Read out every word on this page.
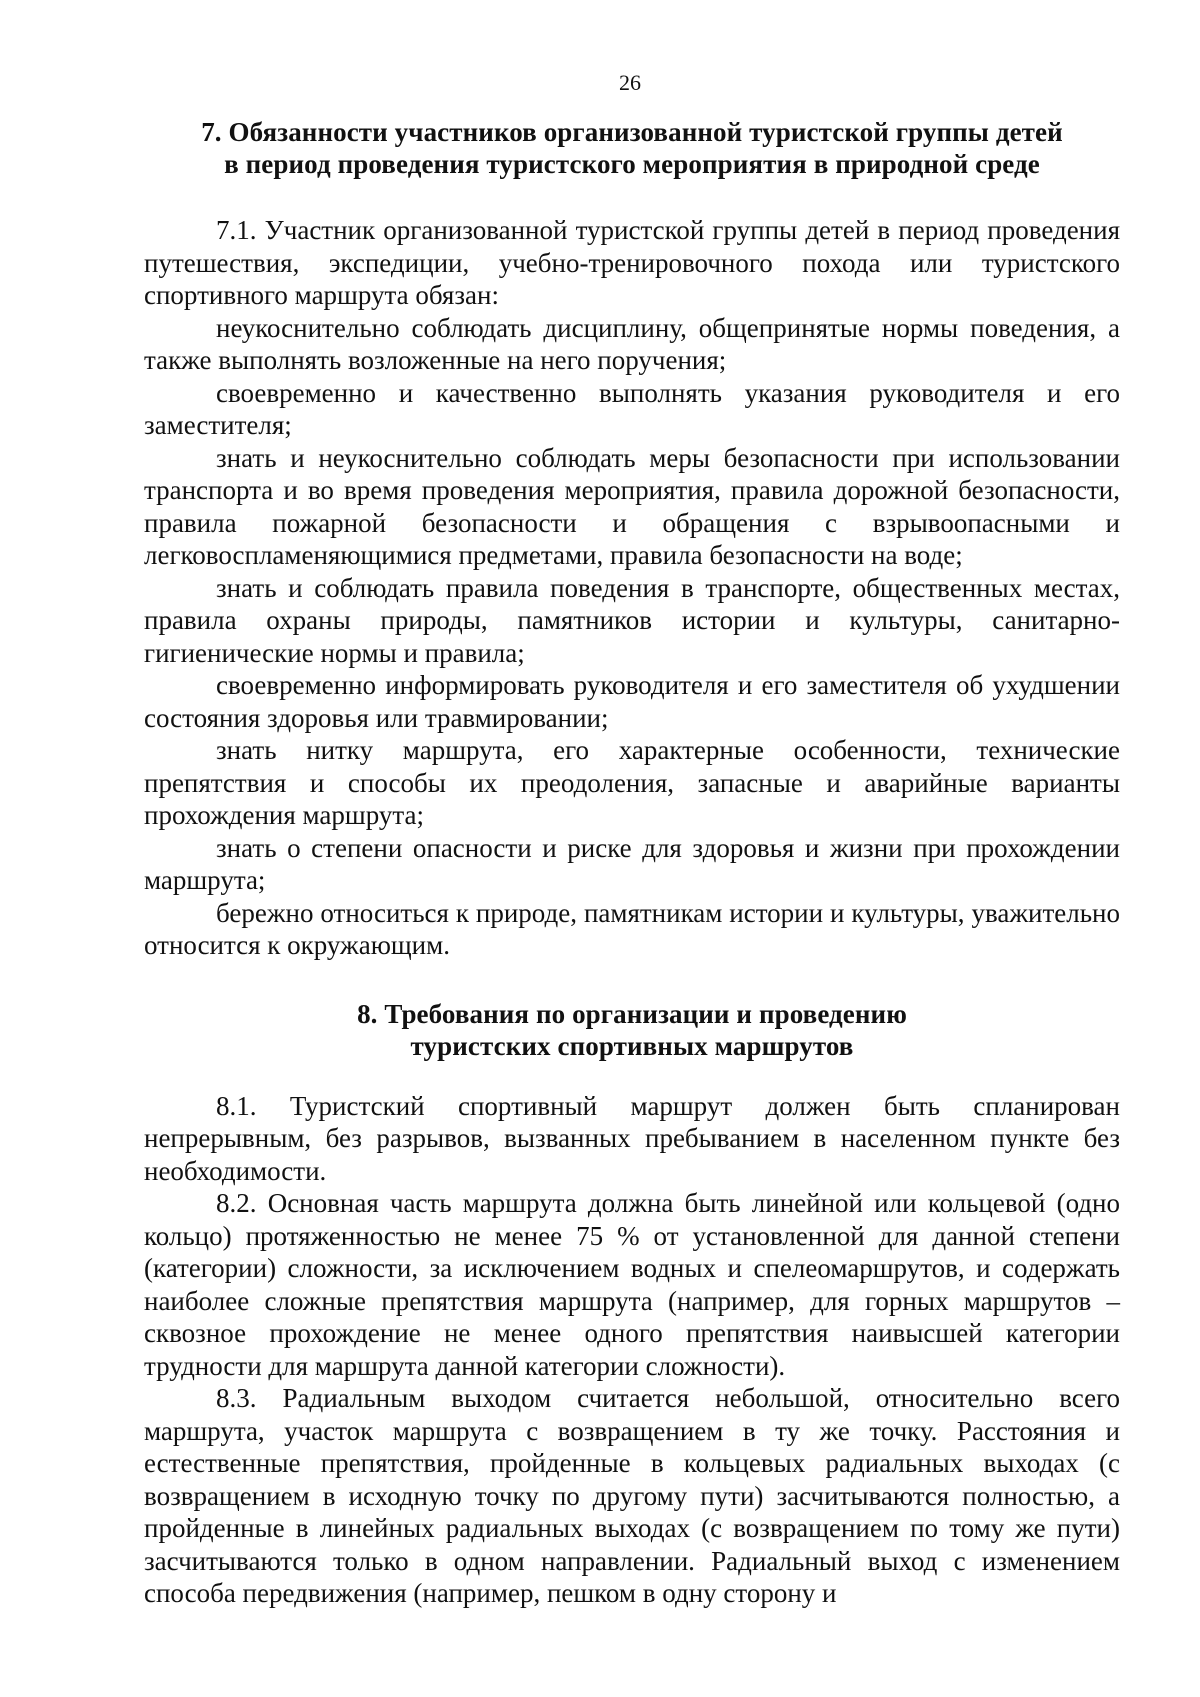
26
7. Обязанности участников организованной туристской группы детей
в период проведения туристского мероприятия в природной среде

7.1. Участник организованной туристской группы детей в период проведения путешествия, экспедиции, учебно-тренировочного похода или туристского спортивного маршрута обязан:

неукоснительно соблюдать дисциплину, общепринятые нормы поведения, а также выполнять возложенные на него поручения;

своевременно и качественно выполнять указания руководителя и его заместителя;

знать и неукоснительно соблюдать меры безопасности при использовании транспорта и во время проведения мероприятия, правила дорожной безопасности, правила пожарной безопасности и обращения с взрывоопасными и легковоспламеняющимися предметами, правила безопасности на воде;

знать и соблюдать правила поведения в транспорте, общественных местах, правила охраны природы, памятников истории и культуры, санитарно-гигиенические нормы и правила;

своевременно информировать руководителя и его заместителя об ухудшении состояния здоровья или травмировании;

знать нитку маршрута, его характерные особенности, технические препятствия и способы их преодоления, запасные и аварийные варианты прохождения маршрута;

знать о степени опасности и риске для здоровья и жизни при прохождении маршрута;

бережно относиться к природе, памятникам истории и культуры, уважительно относится к окружающим.

8. Требования по организации и проведению
туристских спортивных маршрутов

8.1. Туристский спортивный маршрут должен быть спланирован непрерывным, без разрывов, вызванных пребыванием в населенном пункте без необходимости.

8.2. Основная часть маршрута должна быть линейной или кольцевой (одно кольцо) протяженностью не менее 75 % от установленной для данной степени (категории) сложности, за исключением водных и спелеомаршрутов, и содержать наиболее сложные препятствия маршрута (например, для горных маршрутов – сквозное прохождение не менее одного препятствия наивысшей категории трудности для маршрута данной категории сложности).

8.3. Радиальным выходом считается небольшой, относительно всего маршрута, участок маршрута с возвращением в ту же точку. Расстояния и естественные препятствия, пройденные в кольцевых радиальных выходах (с возвращением в исходную точку по другому пути) засчитываются полностью, а пройденные в линейных радиальных выходах (с возвращением по тому же пути) засчитываются только в одном направлении. Радиальный выход с изменением способа передвижения (например, пешком в одну сторону и
